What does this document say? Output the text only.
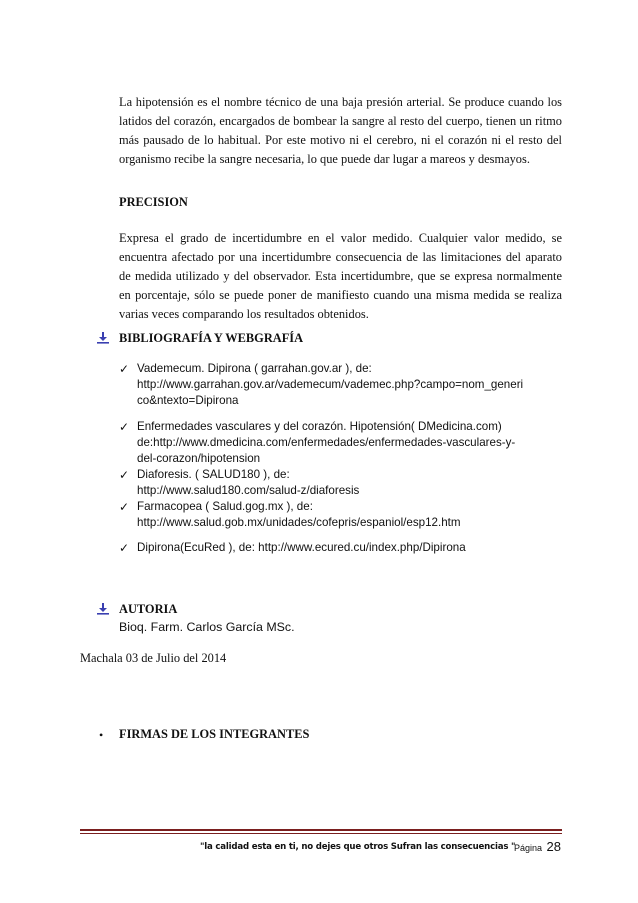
La hipotensión es el nombre técnico de una baja presión arterial. Se produce cuando los latidos del corazón, encargados de bombear la sangre al resto del cuerpo, tienen un ritmo más pausado de lo habitual. Por este motivo ni el cerebro, ni el corazón ni el resto del organismo recibe la sangre necesaria, lo que puede dar lugar a mareos y desmayos.

PRECISION

Expresa el grado de incertidumbre en el valor medido. Cualquier valor medido, se encuentra afectado por una incertidumbre consecuencia de las limitaciones del aparato de medida utilizado y del observador. Esta incertidumbre, que se expresa normalmente en porcentaje, sólo se puede poner de manifiesto cuando una misma medida se realiza varias veces comparando los resultados obtenidos.

BIBLIOGRAFÍA Y WEBGRAFÍA

✓ Vademecum. Dipirona ( garrahan.gov.ar ), de:
http://www.garrahan.gov.ar/vademecum/vademec.php?campo=nom_generi
co&ntexto=Dipirona
✓ Enfermedades vasculares y del corazón. Hipotensión( DMedicina.com)
de:http://www.dmedicina.com/enfermedades/enfermedades-vasculares-y-
del-corazon/hipotension
✓ Diaforesis. ( SALUD180 ), de:
http://www.salud180.com/salud-z/diaforesis
✓ Farmacopea ( Salud.gog.mx ), de:
http://www.salud.gob.mx/unidades/cofepris/espaniol/esp12.htm
✓ Dipirona(EcuRed ), de: http://www.ecured.cu/index.php/Dipirona

AUTORIA

Bioq. Farm. Carlos García MSc.

Machala 03 de Julio del 2014

• FIRMAS DE LOS INTEGRANTES

"la calidad esta en ti, no dejes que otros Sufran las consecuencias "
Página 28
